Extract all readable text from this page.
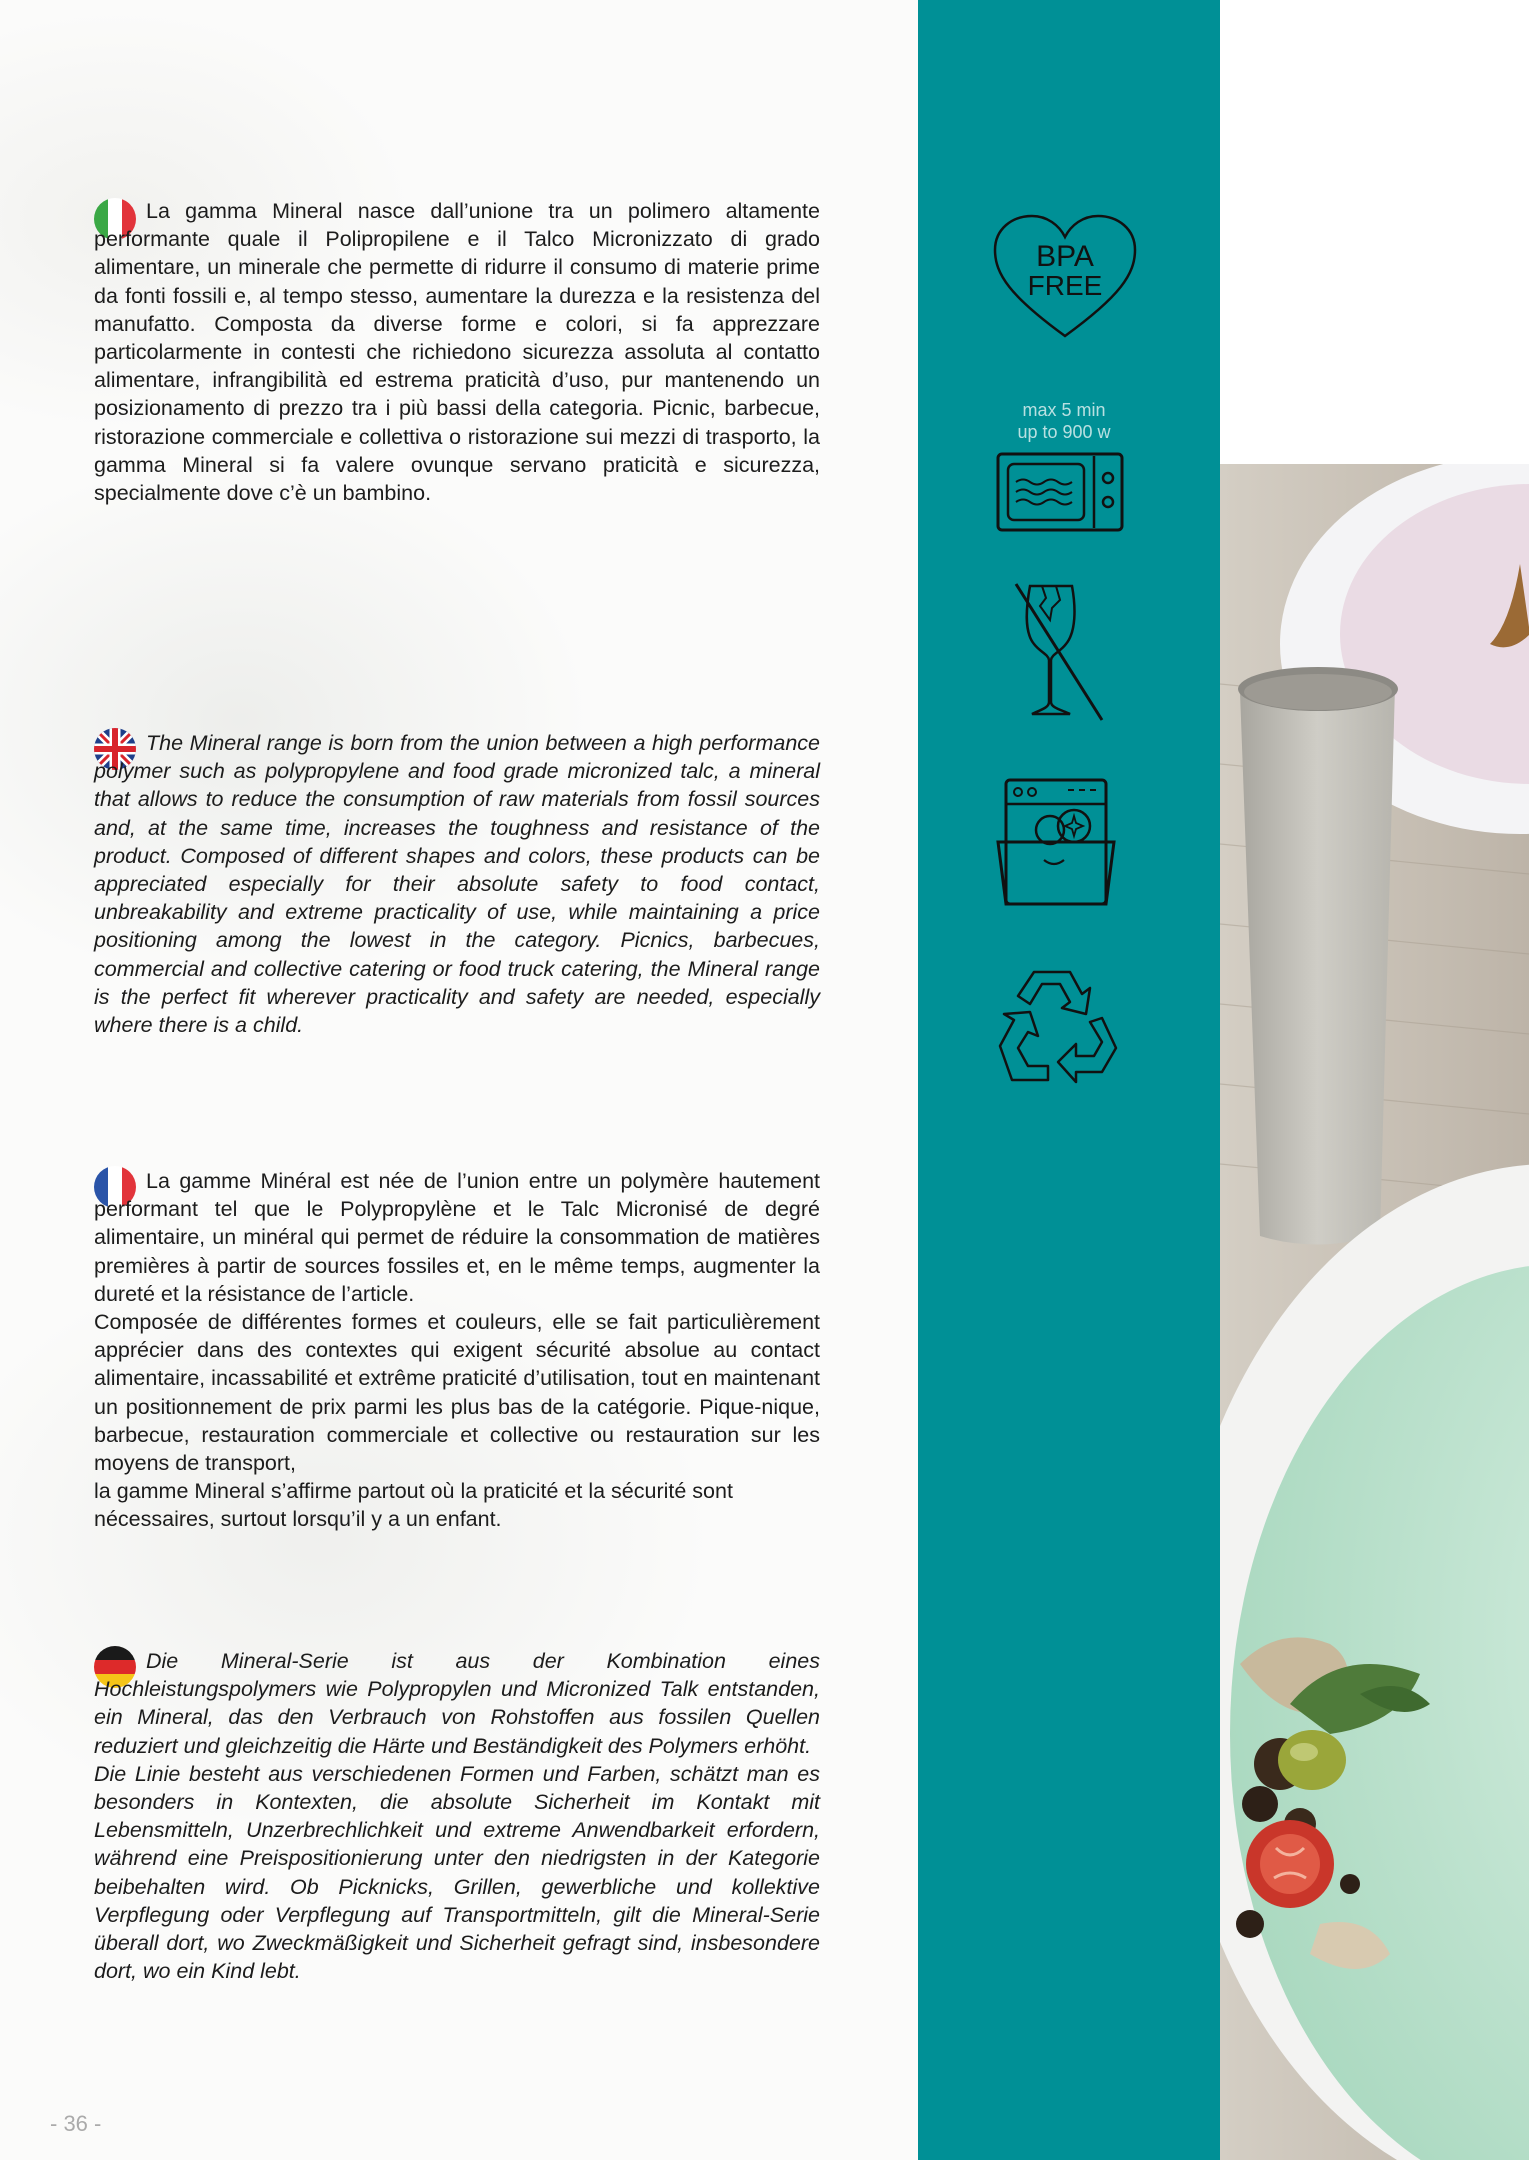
La gamma Mineral nasce dall’unione tra un polimero altamente performante quale il Polipropilene e il Talco Micronizzato di grado alimentare, un minerale che permette di ridurre il consumo di materie prime da fonti fossili e, al tempo stesso, aumentare la durezza e la resistenza del manufatto. Composta da diverse forme e colori, si fa apprezzare particolarmente in contesti che richiedono sicurezza assoluta al contatto alimentare, infrangibilità ed estrema praticità d’uso, pur mantenendo un posizionamento di prezzo tra i più bassi della categoria. Picnic, barbecue, ristorazione commerciale e collettiva o ristorazione sui mezzi di trasporto, la gamma Mineral si fa valere ovunque servano praticità e sicurezza, specialmente dove c’è un bambino.

The Mineral range is born from the union between a high performance polymer such as polypropylene and food grade micronized talc, a mineral that allows to reduce the consumption of raw materials from fossil sources and, at the same time, increases the toughness and resistance of the product. Composed of different shapes and colors, these products can be appreciated especially for their absolute safety to food contact, unbreakability and extreme practicality of use, while maintaining a price positioning among the lowest in the category. Picnics, barbecues, commercial and collective catering or food truck catering, the Mineral range is the perfect fit wherever practicality and safety are needed, especially where there is a child.

La gamme Minéral est née de l’union entre un polymère hautement performant tel que le Polypropylène et le Talc Micronisé de degré alimentaire, un minéral qui permet de réduire la consommation de matières premières à partir de sources fossiles et, en le même temps, augmenter la dureté et la résistance de l’article.

Composée de différentes formes et couleurs, elle se fait particulièrement apprécier dans des contextes qui exigent sécurité absolue au contact alimentaire, incassabilité et extrême praticité d’utilisation, tout en maintenant un positionnement de prix parmi les plus bas de la catégorie. Pique-nique, barbecue, restauration commerciale et collective ou restauration sur les moyens de transport,

la gamme Mineral s’affirme partout où la praticité et la sécurité sont nécessaires, surtout lorsqu’il y a un enfant.

Die Mineral-Serie ist aus der Kombination eines Hochleistungspolymers wie Polypropylen und Micronized Talk entstanden, ein Mineral, das den Verbrauch von Rohstoffen aus fossilen Quellen reduziert und gleichzeitig die Härte und Beständigkeit des Polymers erhöht.

Die Linie besteht aus verschiedenen Formen und Farben, schätzt man es besonders in Kontexten, die absolute Sicherheit im Kontakt mit Lebensmitteln, Unzerbrechlichkeit und extreme Anwendbarkeit erfordern, während eine Preispositionierung unter den niedrigsten in der Kategorie beibehalten wird. Ob Picknicks, Grillen, gewerbliche und kollektive Verpflegung oder Verpflegung auf Transportmitteln, gilt die Mineral-Serie überall dort, wo Zweckmäßigkeit und Sicherheit gefragt sind, insbesondere dort, wo ein Kind lebt.

BPA
FREE
max 5 min
up to 900 w
- 36 -
